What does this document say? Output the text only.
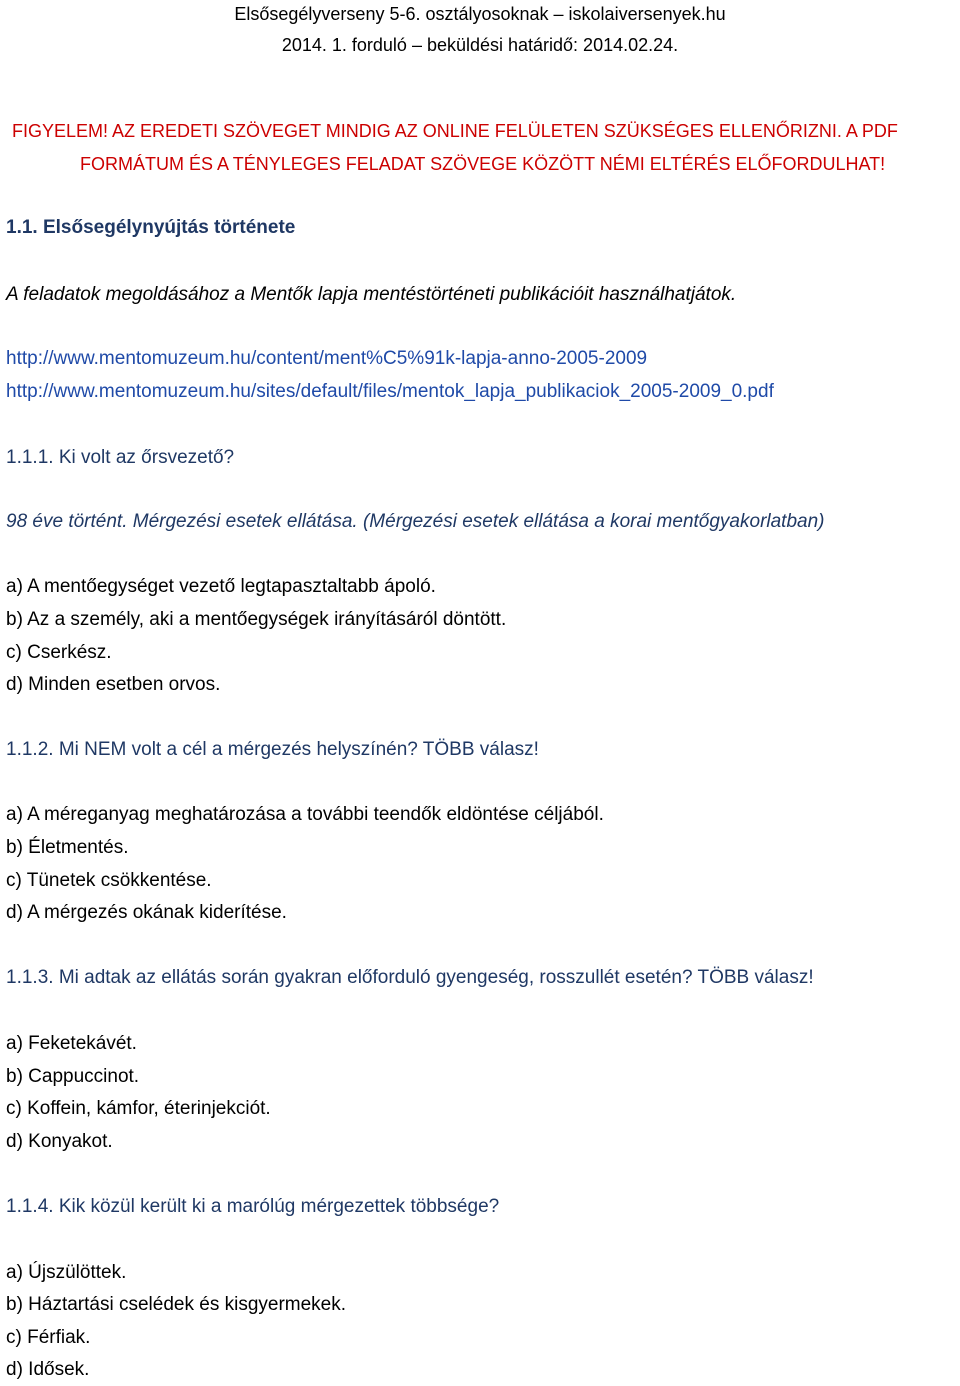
Elsősegélyverseny 5-6. osztályosoknak – iskolaiversenyek.hu
2014. 1. forduló – beküldési határidő: 2014.02.24.
FIGYELEM! AZ EREDETI SZÖVEGET MINDIG AZ ONLINE FELÜLETEN SZÜKSÉGES ELLENŐRIZNI. A PDF
FORMÁTUM ÉS A TÉNYLEGES FELADAT SZÖVEGE KÖZÖTT NÉMI ELTÉRÉS ELŐFORDULHAT!
1.1. Elsősegélynyújtás története
A feladatok megoldásához a Mentők lapja mentéstörténeti publikációit használhatjátok.
http://www.mentomuzeum.hu/content/ment%C5%91k-lapja-anno-2005-2009
http://www.mentomuzeum.hu/sites/default/files/mentok_lapja_publikaciok_2005-2009_0.pdf
1.1.1. Ki volt az őrsvezető?
98 éve történt. Mérgezési esetek ellátása. (Mérgezési esetek ellátása a korai mentőgyakorlatban)
a) A mentőegységet vezető legtapasztaltabb ápoló.
b) Az a személy, aki a mentőegységek irányításáról döntött.
c) Cserkész.
d) Minden esetben orvos.
1.1.2. Mi NEM volt a cél a mérgezés helyszínén? TÖBB válasz!
a) A méreganyag meghatározása a további teendők eldöntése céljából.
b) Életmentés.
c) Tünetek csökkentése.
d) A mérgezés okának kiderítése.
1.1.3. Mi adtak az ellátás során gyakran előforduló gyengeség, rosszullét esetén? TÖBB válasz!
a) Feketekávét.
b) Cappuccinot.
c) Koffein, kámfor, éterinjekciót.
d) Konyakot.
1.1.4. Kik közül került ki a marólúg mérgezettek többsége?
a) Újszülöttek.
b) Háztartási cselédek és kisgyermekek.
c) Férfiak.
d) Idősek.
